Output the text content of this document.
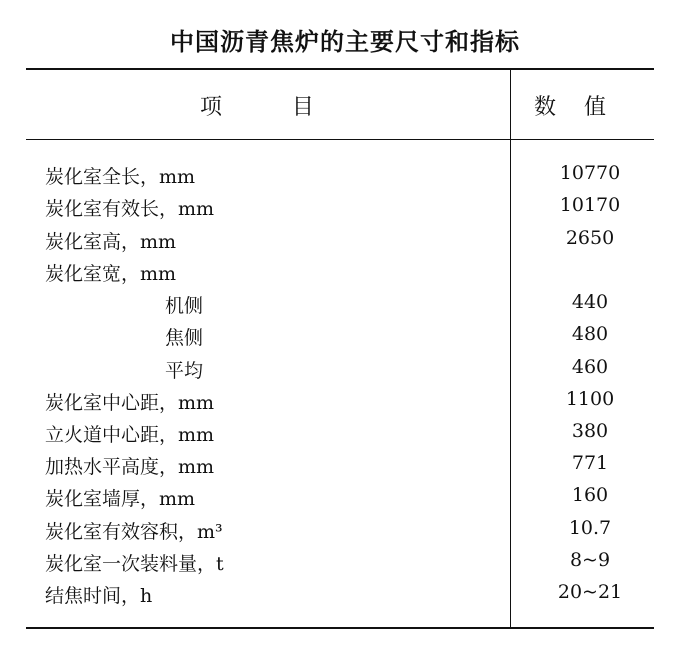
中国沥青焦炉的主要尺寸和指标
项          目	数    值
炭化室全长，mm	10770
炭化室有效长，mm	10170
炭化室高，mm	2650
炭化室宽，mm
机侧	440
焦侧	480
平均	460
炭化室中心距，mm	1100
立火道中心距，mm	380
加热水平高度，mm	771
炭化室墙厚，mm	160
炭化室有效容积，m³	10.7
炭化室一次装料量，t	8~9
结焦时间，h	20~21
